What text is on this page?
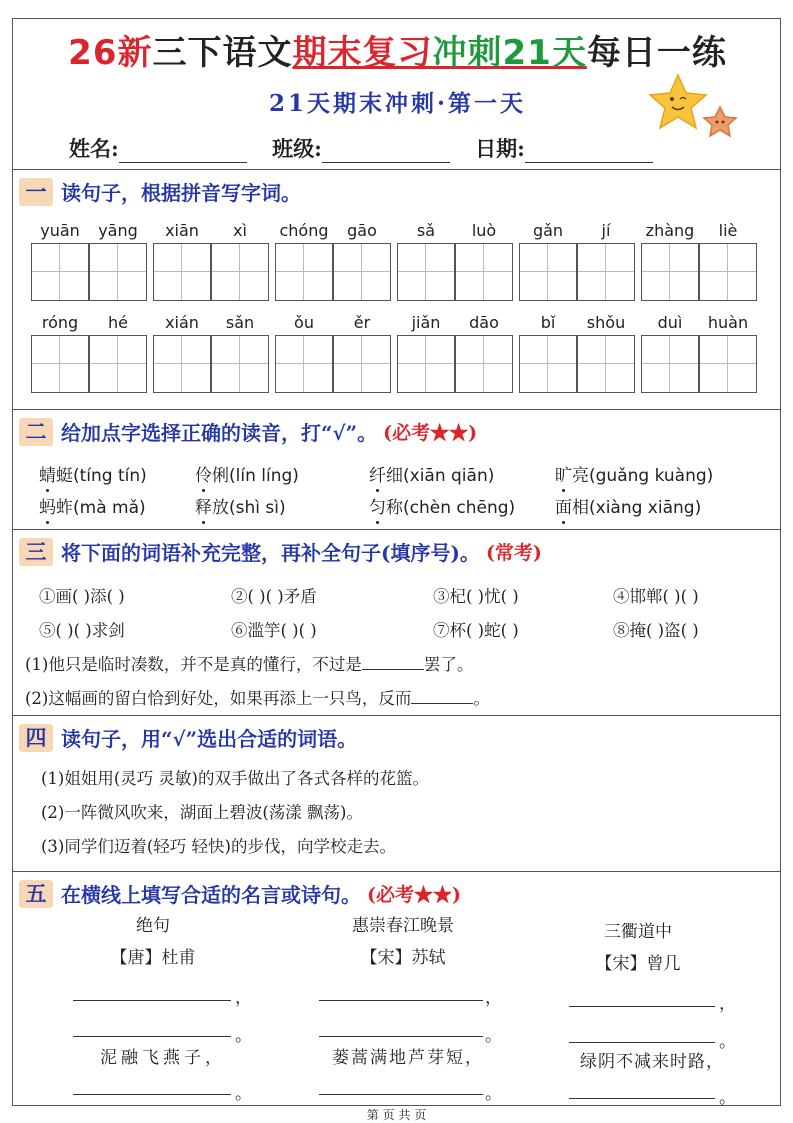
26新三下语文期末复习冲刺21天每日一练
21天期末冲刺·第一天
姓名:	班级:	日期:
一 读句子，根据拼音写字词。
yuān	yāng	xiān	xì	chóng	gāo	sǎ	luò	gǎn	jí	zhàng	liè
róng	hé	xián	sǎn	ǒu	ěr	jiǎn	dāo	bǐ	shǒu	duì	huàn
二 给加点字选择正确的读音，打“√”。 (必考★★)
蜻蜓(tíng tín)	伶俐(lín líng)	纤细(xiān qiān)	旷亮(guǎng kuàng)
蚂蚱(mà mǎ)	释放(shì sì)	匀称(chèn chēng) 面相(xiàng xiāng)
三 将下面的词语补充完整，再补全句子(填序号)。 (常考)
①画( )添( )	②( )( )矛盾	③杞( )忧( )	④邯郸( )( )
⑤( )( )求剑	⑥滥竽( )( )	⑦杯( )蛇( )	⑧掩( )盗( )
(1)他只是临时凑数，并不是真的懂行，不过是	罢了。
(2)这幅画的留白恰到好处，如果再添上一只鸟，反而	。
四 读句子，用“√”选出合适的词语。
(1)姐姐用(灵巧 灵敏)的双手做出了各式各样的花篮。
(2)一阵微风吹来，湖面上碧波(荡漾 飘荡)。
(3)同学们迈着(轻巧 轻快)的步伐，向学校走去。
五 在横线上填写合适的名言或诗句。 (必考★★)
绝句
【唐】杜甫
，
。
泥融飞燕子，
。
惠崇春江晚景
【宋】苏轼
，
。
蒌蒿满地芦芽短，
。
三衢道中
【宋】曾几
，
。
绿阴不减来时路，
。
第 页 共 页
